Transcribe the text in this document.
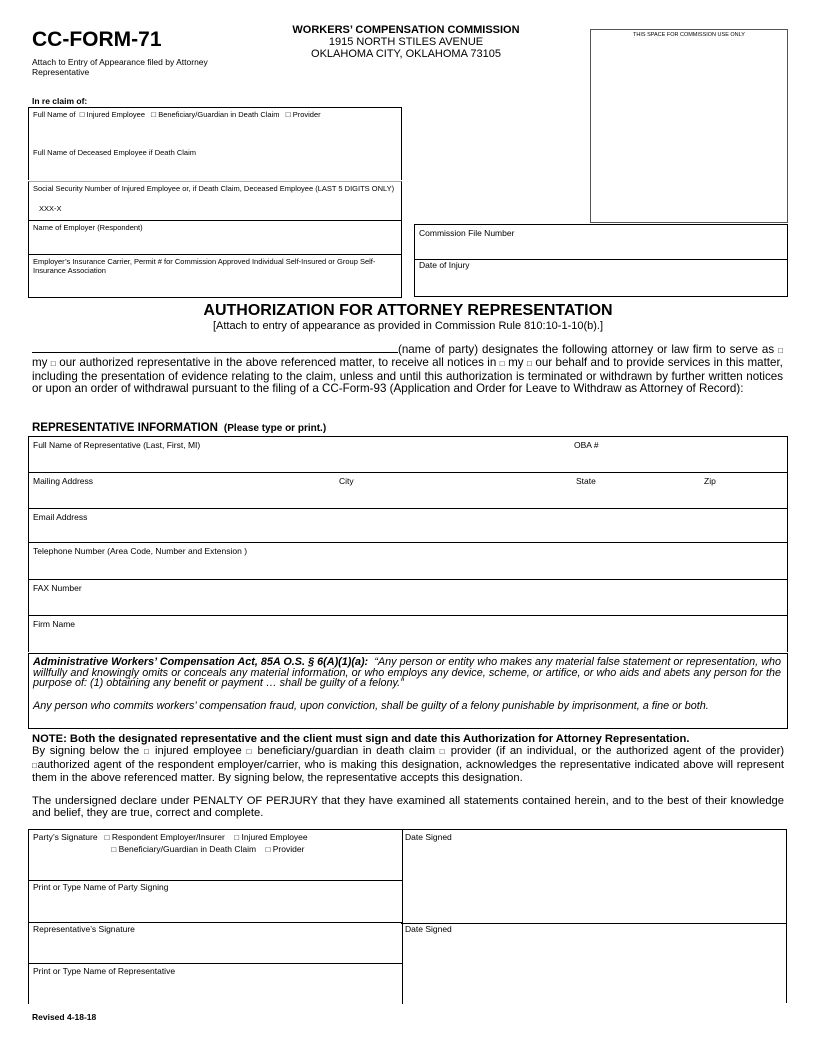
CC-FORM-71
Attach to Entry of Appearance filed by Attorney Representative
WORKERS’ COMPENSATION COMMISSION
1915 NORTH STILES AVENUE
OKLAHOMA CITY, OKLAHOMA 73105
THIS SPACE FOR COMMISSION USE ONLY
In re claim of:
Full Name of □ Injured Employee □ Beneficiary/Guardian in Death Claim □ Provider
Full Name of Deceased Employee if Death Claim
Social Security Number of Injured Employee or, if Death Claim, Deceased Employee (LAST 5 DIGITS ONLY)
XXX-X
Name of Employer (Respondent)
Employer’s Insurance Carrier, Permit # for Commission Approved Individual Self-Insured or Group Self-Insurance Association
Commission File Number
Date of Injury
AUTHORIZATION FOR ATTORNEY REPRESENTATION
[Attach to entry of appearance as provided in Commission Rule 810:10-1-10(b).]
(name of party) designates the following attorney or law firm to serve as □ my □ our authorized representative in the above referenced matter, to receive all notices in □ my □ our behalf and to provide services in this matter, including the presentation of evidence relating to the claim, unless and until this authorization is terminated or withdrawn by further written notices or upon an order of withdrawal pursuant to the filing of a CC-Form-93 (Application and Order for Leave to Withdraw as Attorney of Record):
REPRESENTATIVE INFORMATION (Please type or print.)
Full Name of Representative (Last, First, MI)	OBA #
Mailing Address	City	State	Zip
Email Address
Telephone Number (Area Code, Number and Extension )
FAX Number
Firm Name
Administrative Workers’ Compensation Act, 85A O.S. § 6(A)(1)(a): “Any person or entity who makes any material false statement or representation, who willfully and knowingly omits or conceals any material information, or who employs any device, scheme, or artifice, or who aids and abets any person for the purpose of: (1) obtaining any benefit or payment … shall be guilty of a felony.”
Any person who commits workers’ compensation fraud, upon conviction, shall be guilty of a felony punishable by imprisonment, a fine or both.
NOTE: Both the designated representative and the client must sign and date this Authorization for Attorney Representation.
By signing below the □ injured employee □ beneficiary/guardian in death claim □ provider (if an individual, or the authorized agent of the provider) □authorized agent of the respondent employer/carrier, who is making this designation, acknowledges the representative indicated above will represent them in the above referenced matter. By signing below, the representative accepts this designation.
The undersigned declare under PENALTY OF PERJURY that they have examined all statements contained herein, and to the best of their knowledge and belief, they are true, correct and complete.
Party’s Signature □ Respondent Employer/Insurer □ Injured Employee
□ Beneficiary/Guardian in Death Claim □ Provider
Print or Type Name of Party Signing
Date Signed
Representative’s Signature
Print or Type Name of Representative
Date Signed
Revised 4-18-18
